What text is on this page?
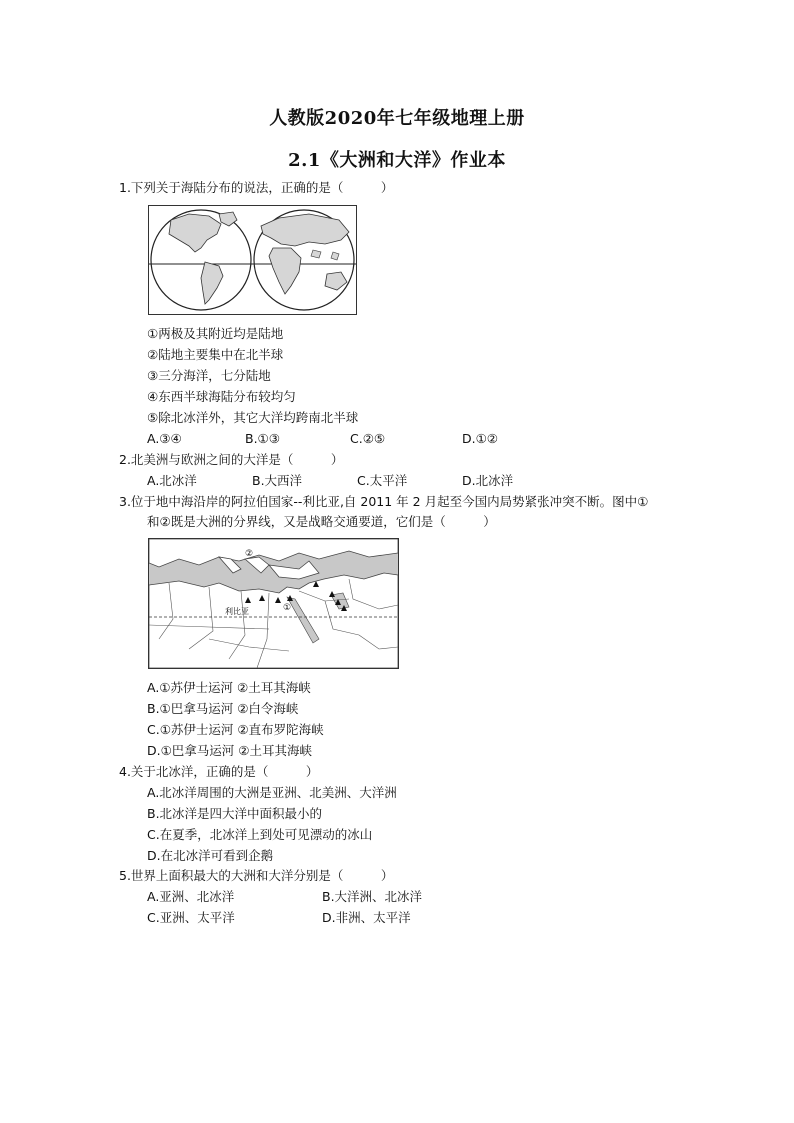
人教版2020年七年级地理上册
2.1《大洲和大洋》作业本
1.下列关于海陆分布的说法，正确的是（　　　）
①两极及其附近均是陆地
②陆地主要集中在北半球
③三分海洋，七分陆地
④东西半球海陆分布较均匀
⑤除北冰洋外，其它大洋均跨南北半球
A.③④	B.①③	C.②⑤	D.①②
2.北美洲与欧洲之间的大洋是（　　　）
A.北冰洋	B.大西洋	C.太平洋	D.北冰洋
3.位于地中海沿岸的阿拉伯国家--利比亚,自 2011 年 2 月起至今国内局势紧张冲突不断。图中①
和②既是大洲的分界线，又是战略交通要道，它们是（　　　）
利比亚	①
②
A.①苏伊士运河 ②土耳其海峡
B.①巴拿马运河 ②白令海峡
C.①苏伊士运河 ②直布罗陀海峡
D.①巴拿马运河 ②土耳其海峡
4.关于北冰洋，正确的是（　　　）
A.北冰洋周围的大洲是亚洲、北美洲、大洋洲
B.北冰洋是四大洋中面积最小的
C.在夏季，北冰洋上到处可见漂动的冰山
D.在北冰洋可看到企鹅
5.世界上面积最大的大洲和大洋分别是（　　　）
A.亚洲、北冰洋	B.大洋洲、北冰洋
C.亚洲、太平洋	D.非洲、太平洋
